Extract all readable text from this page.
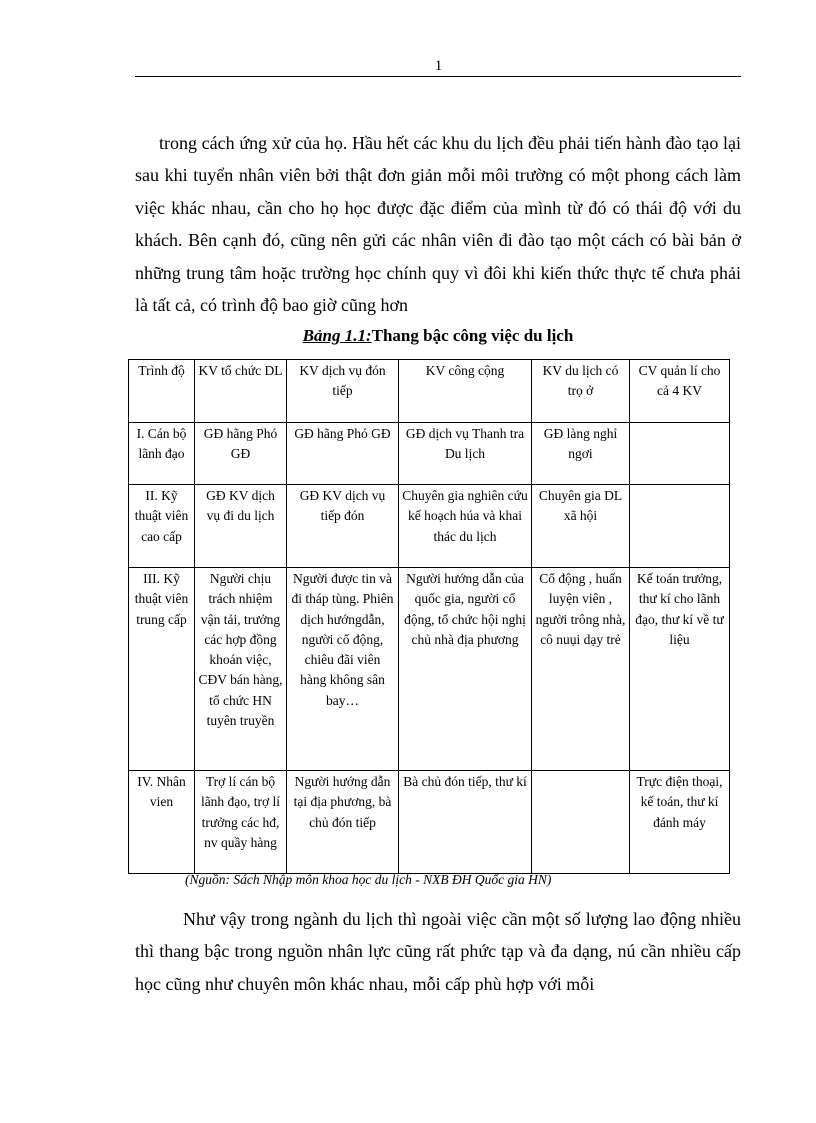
1

trong cách ứng xử của họ. Hầu hết các khu du lịch đều phải tiến hành đào tạo lại sau khi tuyển nhân viên bởi thật đơn giản mỗi môi trường có một phong cách làm việc khác nhau, cần cho họ học được đặc điểm của mình từ đó có thái độ với du khách. Bên cạnh đó, cũng nên gửi các nhân viên đi đào tạo một cách có bài bản ở những trung tâm hoặc trường học chính quy vì đôi khi kiến thức thực tế chưa phải là tất cả, có trình độ bao giờ cũng hơn

Bảng 1.1:Thang bậc công việc du lịch
Trình độ	KV tổ chức DL	KV dịch vụ đón tiếp	KV công cộng	KV du lịch có trọ ở	CV quản lí cho cả 4 KV
I. Cán bộ lãnh đạo	GĐ hãng Phó GĐ	GĐ hãng Phó GĐ	GĐ dịch vụ Thanh tra Du lịch	GĐ làng nghỉ ngơi	
II. Kỹ thuật viên cao cấp	GĐ KV dịch vụ đi du lịch	GĐ KV dịch vụ tiếp đón	Chuyên gia nghiên cứu kế hoạch húa và khai thác du lịch	Chuyên gia DL xã hội	
III. Kỹ thuật viên trung cấp	Người chịu trách nhiệm vận tải, trưởng các hợp đồng khoán việc, CĐV bán hàng, tổ chức HN tuyên truyền	Người được tin và đi tháp tùng. Phiên dịch hướngdẫn, người cổ động, chiêu đãi viên hàng không sân bay…	Người hướng dẫn của quốc gia, người cổ động, tổ chức hội nghị chủ nhà địa phương	Cổ động , huấn luyện viên , người trông nhà, cô nuụi dạy trẻ	Kế toán trưởng, thư kí cho lãnh đạo, thư kí về tư liệu
IV. Nhân vien	Trợ lí cán bộ lãnh đạo, trợ lí trưởng các hđ, nv quầy hàng	Người hướng dẫn tại địa phương, bà chủ đón tiếp	Bà chủ đón tiếp, thư kí		Trực điện thoại, kế toán, thư kí đánh máy
(Nguồn: Sách Nhập môn khoa học du lịch - NXB ĐH Quốc gia HN)

Như vậy trong ngành du lịch thì ngoài việc cần một số lượng lao động nhiều thì thang bậc trong nguồn nhân lực cũng rất phức tạp và đa dạng, nú cần nhiều cấp học cũng như chuyên môn khác nhau, mỗi cấp phù hợp với mỗi
